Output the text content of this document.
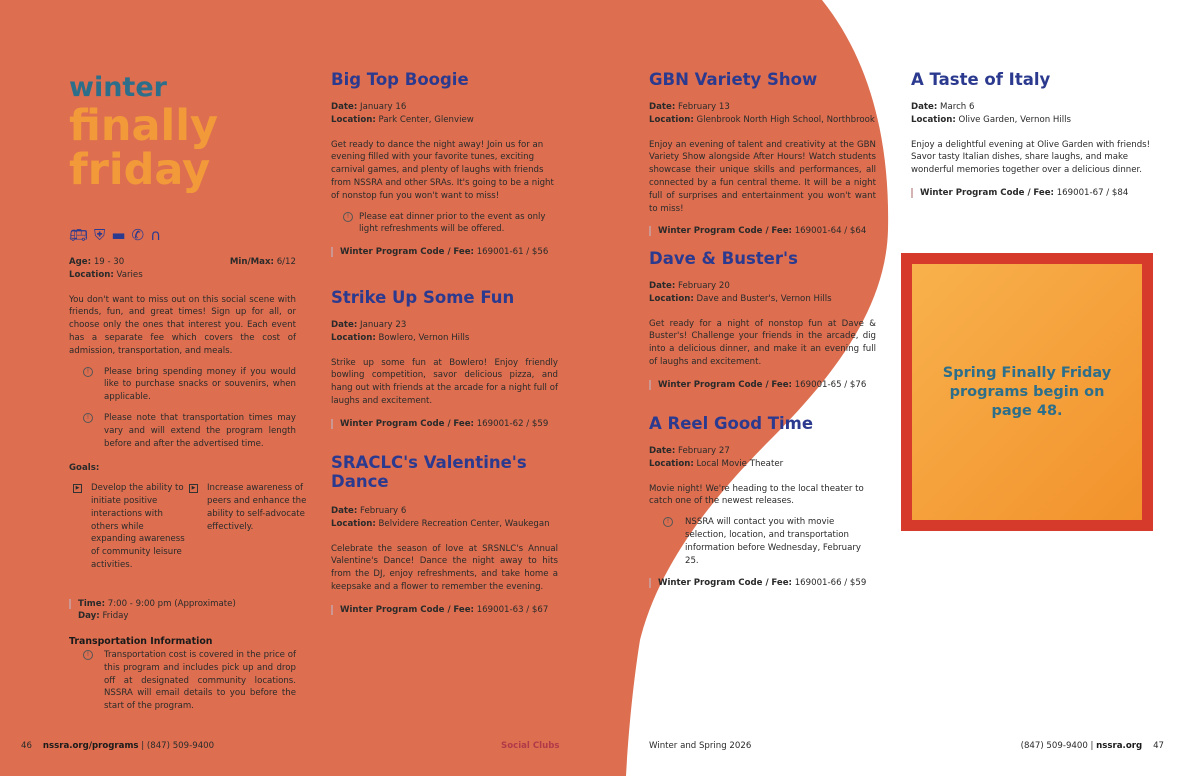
winter
finally
friday
🚌︎ ⛨ ▬ ✆ ∩
Age: 19 - 30	Min/Max: 6/12
Location: Varies
You don't want to miss out on this social scene with friends, fun, and great times! Sign up for all, or choose only the ones that interest you. Each event has a separate fee which covers the cost of admission, transportation, and meals.
!	Please bring spending money if you would like to purchase snacks or souvenirs, when applicable.
!	Please note that transportation times may vary and will extend the program length before and after the advertised time.
Goals:
▶ Develop the ability to initiate positive interactions with others while expanding awareness of community leisure activities.
▶ Increase awareness of peers and enhance the ability to self-advocate effectively.
Time: 7:00 - 9:00 pm (Approximate)
Day: Friday
Transportation Information
!	Transportation cost is covered in the price of this program and includes pick up and drop off at designated community locations. NSSRA will email details to you before the start of the program.
Big Top Boogie
Date: January 16
Location: Park Center, Glenview
Get ready to dance the night away! Join us for an evening filled with your favorite tunes, exciting carnival games, and plenty of laughs with friends from NSSRA and other SRAs. It's going to be a night of nonstop fun you won't want to miss!
!	Please eat dinner prior to the event as only light refreshments will be offered.
Winter Program Code / Fee: 169001-61 / $56
Strike Up Some Fun
Date: January 23
Location: Bowlero, Vernon Hills
Strike up some fun at Bowlero! Enjoy friendly bowling competition, savor delicious pizza, and hang out with friends at the arcade for a night full of laughs and excitement.
Winter Program Code / Fee: 169001-62 / $59
SRACLC's Valentine's Dance
Date: February 6
Location: Belvidere Recreation Center, Waukegan
Celebrate the season of love at SRSNLC's Annual Valentine's Dance! Dance the night away to hits from the DJ, enjoy refreshments, and take home a keepsake and a flower to remember the evening.
Winter Program Code / Fee: 169001-63 / $67
GBN Variety Show
Date: February 13
Location: Glenbrook North High School, Northbrook
Enjoy an evening of talent and creativity at the GBN Variety Show alongside After Hours! Watch students showcase their unique skills and performances, all connected by a fun central theme. It will be a night full of surprises and entertainment you won't want to miss!
Winter Program Code / Fee: 169001-64 / $64
Dave & Buster's
Date: February 20
Location: Dave and Buster's, Vernon Hills
Get ready for a night of nonstop fun at Dave & Buster's! Challenge your friends in the arcade, dig into a delicious dinner, and make it an evening full of laughs and excitement.
Winter Program Code / Fee: 169001-65 / $76
A Reel Good Time
Date: February 27
Location: Local Movie Theater
Movie night! We're heading to the local theater to catch one of the newest releases.
!	NSSRA will contact you with movie selection, location, and transportation information before Wednesday, February 25.
Winter Program Code / Fee: 169001-66 / $59
A Taste of Italy
Date: March 6
Location: Olive Garden, Vernon Hills
Enjoy a delightful evening at Olive Garden with friends! Savor tasty Italian dishes, share laughs, and make wonderful memories together over a delicious dinner.
Winter Program Code / Fee: 169001-67 / $84
Spring Finally Friday programs begin on page 48.
46 nssra.org/programs | (847) 509-9400	Social Clubs	Winter and Spring 2026	(847) 509-9400 | nssra.org 47
